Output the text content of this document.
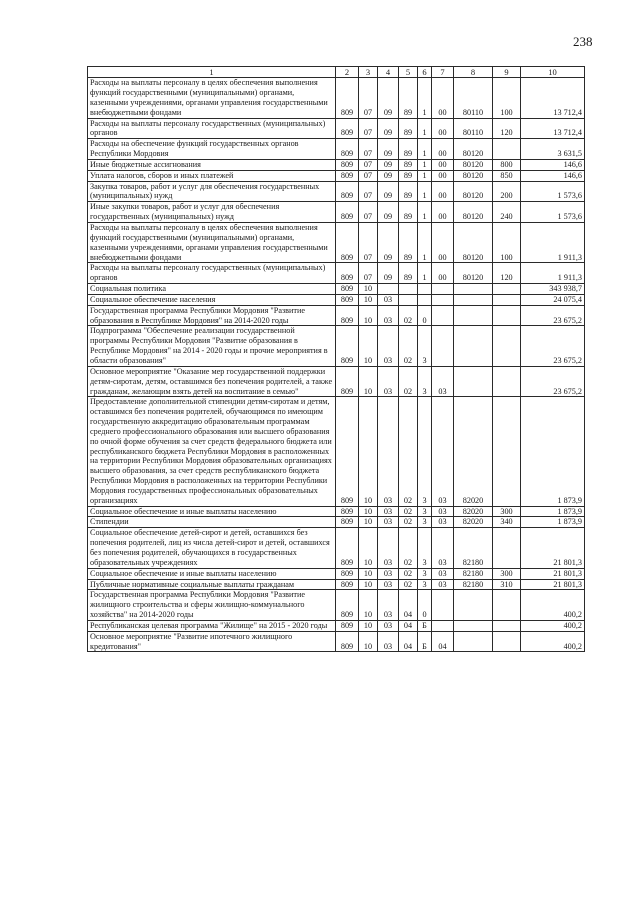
238
1	2	3	4	5	6	7	8	9	10
Расходы на выплаты персоналу в целях обеспечения выполнения функций государственными (муниципальными) органами, казенными учреждениями, органами управления государственными внебюджетными фондами	809	07	09	89	1	00	80110	100	13 712,4
Расходы на выплаты персоналу государственных (муниципальных) органов	809	07	09	89	1	00	80110	120	13 712,4
Расходы на обеспечение функций государственных органов Республики Мордовия	809	07	09	89	1	00	80120		3 631,5
Иные бюджетные ассигнования	809	07	09	89	1	00	80120	800	146,6
Уплата налогов, сборов и иных платежей	809	07	09	89	1	00	80120	850	146,6
Закупка товаров, работ и услуг для обеспечения государственных (муниципальных) нужд	809	07	09	89	1	00	80120	200	1 573,6
Иные закупки товаров, работ и услуг для обеспечения государственных (муниципальных) нужд	809	07	09	89	1	00	80120	240	1 573,6
Расходы на выплаты персоналу в целях обеспечения выполнения функций государственными (муниципальными) органами, казенными учреждениями, органами управления государственными внебюджетными фондами	809	07	09	89	1	00	80120	100	1 911,3
Расходы на выплаты персоналу государственных (муниципальных) органов	809	07	09	89	1	00	80120	120	1 911,3
Социальная политика	809	10							343 938,7
Социальное обеспечение населения	809	10	03						24 075,4
Государственная программа Республики Мордовия "Развитие образования в Республике Мордовия" на 2014-2020 годы	809	10	03	02	0				23 675,2
Подпрограмма "Обеспечение реализации государственной программы Республики Мордовия "Развитие образования в Республике Мордовия" на 2014 - 2020 годы и прочие мероприятия в области образования"	809	10	03	02	3				23 675,2
Основное мероприятие "Оказание мер государственной поддержки детям-сиротам, детям, оставшимся без попечения родителей, а также гражданам, желающим взять детей на воспитание в семью"	809	10	03	02	3	03			23 675,2
Предоставление дополнительной стипендии детям-сиротам и детям, оставшимся без попечения родителей, обучающимся по имеющим государственную аккредитацию образовательным программам среднего профессионального образования или высшего образования по очной форме обучения за счет средств федерального бюджета или республиканского бюджета Республики Мордовия в расположенных на территории Республики Мордовия образовательных организациях высшего образования, за счет средств республиканского бюджета Республики Мордовия в расположенных на территории Республики Мордовия государственных профессиональных образовательных организациях	809	10	03	02	3	03	82020		1 873,9
Социальное обеспечение и иные выплаты населению	809	10	03	02	3	03	82020	300	1 873,9
Стипендии	809	10	03	02	3	03	82020	340	1 873,9
Социальное обеспечение детей-сирот и детей, оставшихся без попечения родителей, лиц из числа детей-сирот и детей, оставшихся без попечения родителей, обучающихся в государственных образовательных учреждениях	809	10	03	02	3	03	82180		21 801,3
Социальное обеспечение и иные выплаты населению	809	10	03	02	3	03	82180	300	21 801,3
Публичные нормативные социальные выплаты гражданам	809	10	03	02	3	03	82180	310	21 801,3
Государственная программа Республики Мордовия "Развитие жилищного строительства и сферы жилищно-коммунального хозяйства" на 2014-2020 годы	809	10	03	04	0				400,2
Республиканская целевая программа "Жилище" на 2015 - 2020 годы	809	10	03	04	Б				400,2
Основное мероприятие "Развитие ипотечного жилищного кредитования"	809	10	03	04	Б	04			400,2
